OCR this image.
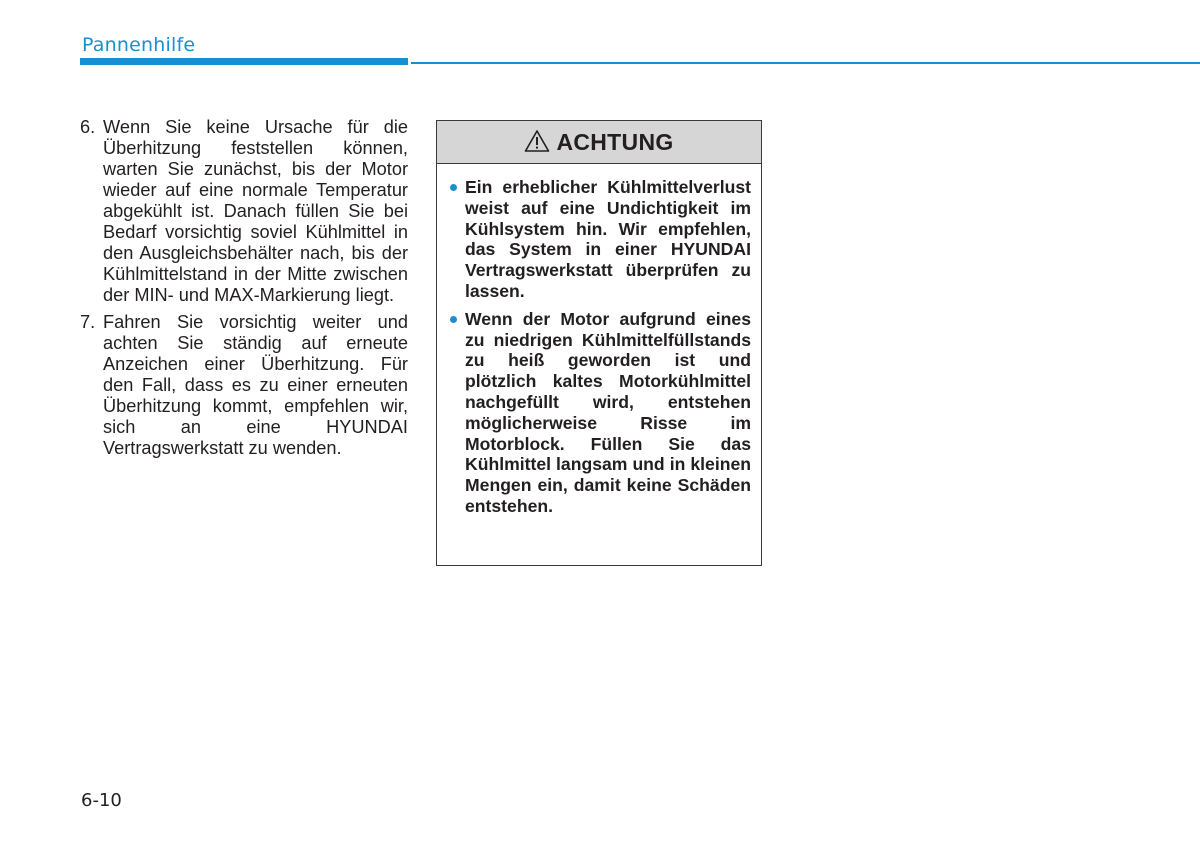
Pannenhilfe
6. Wenn Sie keine Ursache für die Überhitzung feststellen können, warten Sie zunächst, bis der Motor wieder auf eine normale Temperatur abgekühlt ist. Danach füllen Sie bei Bedarf vorsichtig soviel Kühlmittel in den Ausgleichsbehälter nach, bis der Kühlmittelstand in der Mitte zwischen der MIN- und MAX-Markierung liegt.
7. Fahren Sie vorsichtig weiter und achten Sie ständig auf erneute Anzeichen einer Überhitzung. Für den Fall, dass es zu einer erneuten Überhitzung kommt, empfehlen wir, sich an eine HYUNDAI Vertragswerkstatt zu wenden.
ACHTUNG
Ein erheblicher Kühlmittelverlust weist auf eine Undichtigkeit im Kühlsystem hin. Wir empfehlen, das System in einer HYUNDAI Vertragswerkstatt überprüfen zu lassen.
Wenn der Motor aufgrund eines zu niedrigen Kühlmittelfüllstands zu heiß geworden ist und plötzlich kaltes Motorkühlmittel nachgefüllt wird, entstehen möglicherweise Risse im Motorblock. Füllen Sie das Kühlmittel langsam und in kleinen Mengen ein, damit keine Schäden entstehen.
6-10
